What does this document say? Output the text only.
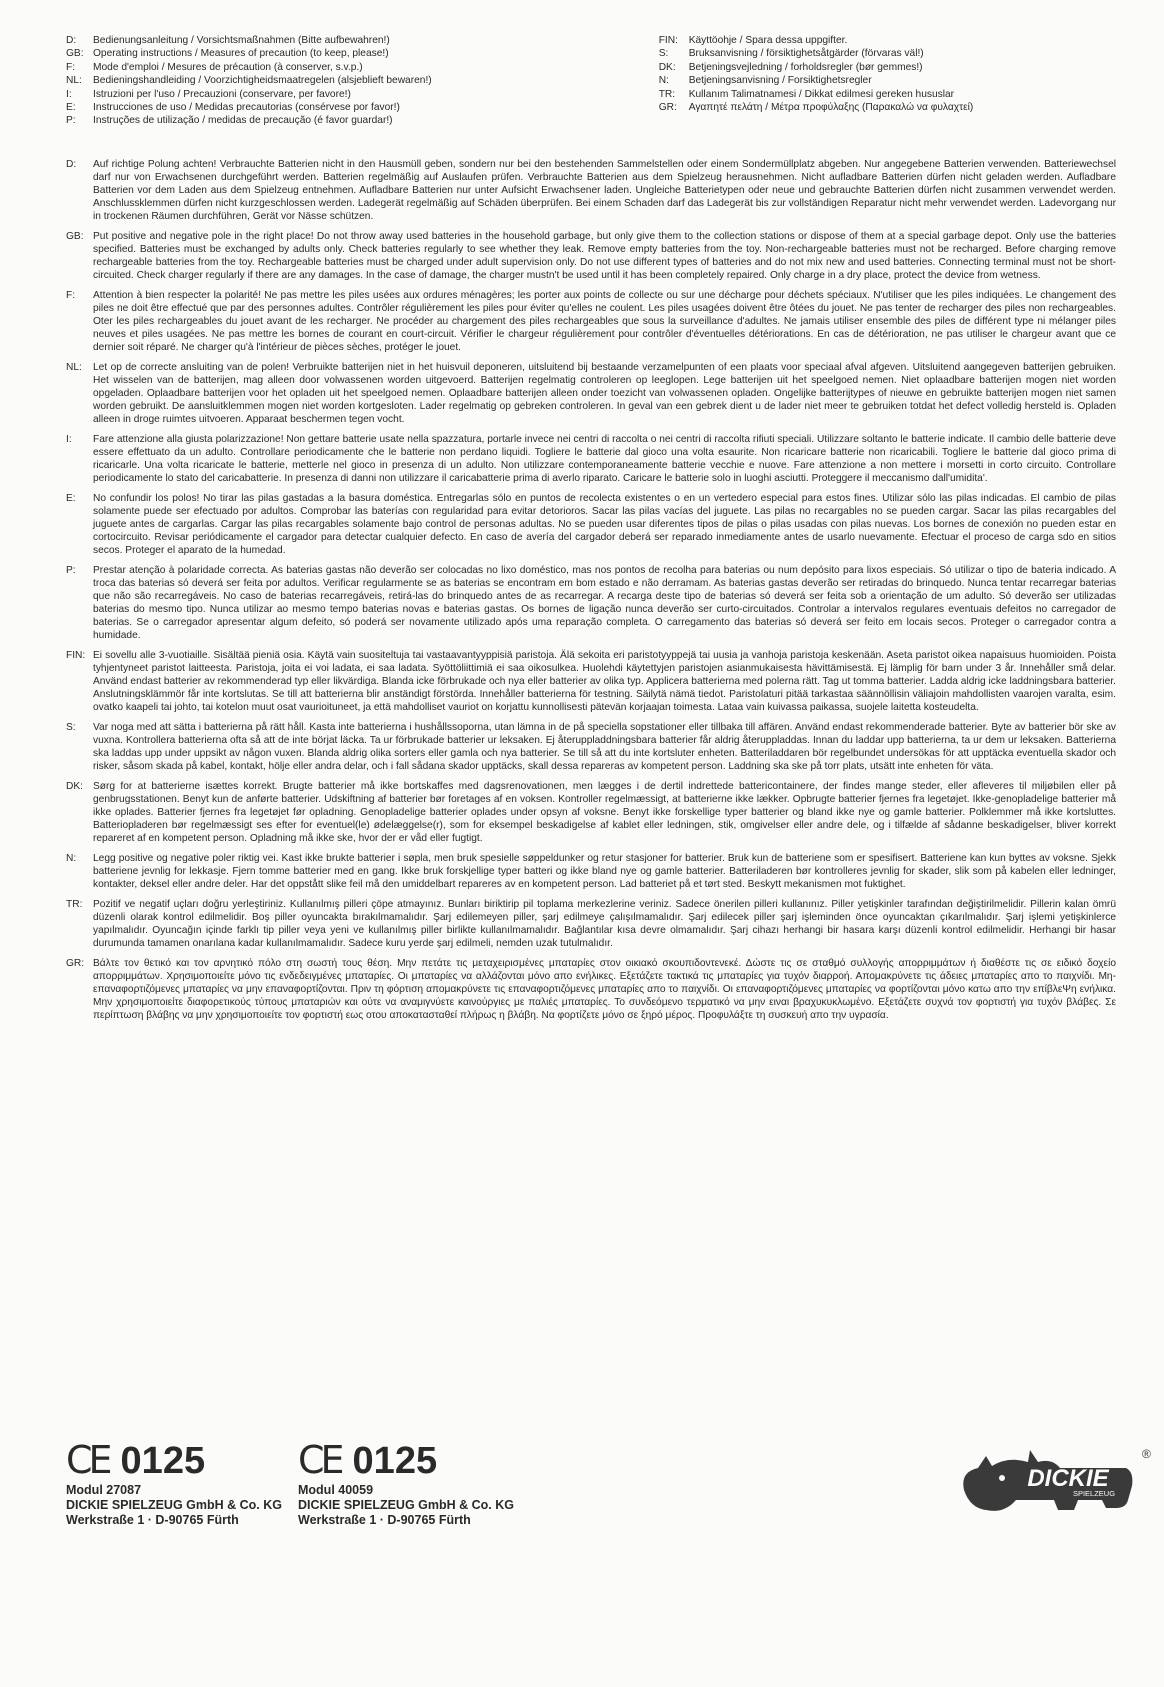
D:	Bedienungsanleitung / Vorsichtsmaßnahmen (Bitte aufbewahren!)
GB: Operating instructions / Measures of precaution (to keep, please!)
F:	Mode d'emploi / Mesures de précaution (à conserver, s.v.p.)
NL:	Bedieningshandleiding / Voorzichtigheidsmaatregelen (alsjeblieft bewaren!)
I:	Istruzioni per l'uso / Precauzioni (conservare, per favore!)
E:	Instrucciones de uso / Medidas precautorias (consérvese por favor!)
P:	Instruções de utilização / medidas de precaução (é favor guardar!)
FIN:	Käyttöohje / Spara dessa uppgifter.
S:	Bruksanvisning / försiktighetsåtgärder (förvaras väl!)
DK:	Betjeningsvejledning / forholdsregler (bør gemmes!)
N:	Betjeningsanvisning / Forsiktighetsregler
TR:	Kullanım Talimatnamesi / Dikkat edilmesi gereken hususlar
GR:	Αγαπητέ πελάτη / Μέτρα προφύλαξης (Παρακαλώ να φυλαχτεί)
D:	Auf richtige Polung achten! Verbrauchte Batterien nicht in den Hausmüll geben, sondern nur bei den bestehenden Sammelstellen oder einem Sondermüllplatz abgeben. Nur angegebene Batterien verwenden. Batteriewechsel darf nur von Erwachsenen durchgeführt werden. Batterien regelmäßig auf Auslaufen prüfen. Verbrauchte Batterien aus dem Spielzeug herausnehmen. Nicht aufladbare Batterien dürfen nicht geladen werden. Aufladbare Batterien vor dem Laden aus dem Spielzeug entnehmen. Aufladbare Batterien nur unter Aufsicht Erwachsener laden. Ungleiche Batterietypen oder neue und gebrauchte Batterien dürfen nicht zusammen verwendet werden. Anschlussklemmen dürfen nicht kurzgeschlossen werden. Ladegerät regelmäßig auf Schäden überprüfen. Bei einem Schaden darf das Ladegerät bis zur vollständigen Reparatur nicht mehr verwendet werden. Ladevorgang nur in trockenen Räumen durchführen, Gerät vor Nässe schützen.
GB: Put positive and negative pole in the right place! Do not throw away used batteries in the household garbage, but only give them to the collection stations or dispose of them at a special garbage depot. Only use the batteries specified. Batteries must be exchanged by adults only. Check batteries regularly to see whether they leak. Remove empty batteries from the toy. Non-rechargeable batteries must not be recharged. Before charging remove rechargeable batteries from the toy. Rechargeable batteries must be charged under adult supervision only. Do not use different types of batteries and do not mix new and used batteries. Connecting terminal must not be short-circuited. Check charger regularly if there are any damages. In the case of damage, the charger mustn't be used until it has been completely repaired. Only charge in a dry place, protect the device from wetness.
F:	Attention à bien respecter la polarité! Ne pas mettre les piles usées aux ordures ménagères; les porter aux points de collecte ou sur une décharge pour déchets spéciaux. N'utiliser que les piles indiquées. Le changement des piles ne doit être effectué que par des personnes adultes. Contrôler régulièrement les piles pour éviter qu'elles ne coulent. Les piles usagées doivent être ôtées du jouet. Ne pas tenter de recharger des piles non rechargeables. Oter les piles rechargeables du jouet avant de les recharger. Ne procéder au chargement des piles rechargeables que sous la surveillance d'adultes. Ne jamais utiliser ensemble des piles de différent type ni mélanger piles neuves et piles usagées. Ne pas mettre les bornes de courant en court-circuit. Vérifier le chargeur régulièrement pour contrôler d'éventuelles détériorations. En cas de détérioration, ne pas utiliser le chargeur avant que ce dernier soit réparé. Ne charger qu'à l'intérieur de pièces sèches, protéger le jouet.
NL:	Let op de correcte ansluiting van de polen! Verbruikte batterijen niet in het huisvuil deponeren, uitsluitend bij bestaande verzamelpunten of een plaats voor speciaal afval afgeven. Uitsluitend aangegeven batterijen gebruiken. Het wisselen van de batterijen, mag alleen door volwassenen worden uitgevoerd. Batterijen regelmatig controleren op leeglopen. Lege batterijen uit het speelgoed nemen. Niet oplaadbare batterijen mogen niet worden opgeladen. Oplaadbare batterijen voor het opladen uit het speelgoed nemen. Oplaadbare batterijen alleen onder toezicht van volwassenen opladen. Ongelijke batterijtypes of nieuwe en gebruikte batterijen mogen niet samen worden gebruikt. De aansluitklemmen mogen niet worden kortgesloten. Lader regelmatig op gebreken controleren. In geval van een gebrek dient u de lader niet meer te gebruiken totdat het defect volledig hersteld is. Opladen alleen in droge ruimtes uitvoeren. Apparaat beschermen tegen vocht.
I:	Fare attenzione alla giusta polarizzazione! Non gettare batterie usate nella spazzatura, portarle invece nei centri di raccolta o nei centri di raccolta rifiuti speciali. Utilizzare soltanto le batterie indicate. Il cambio delle batterie deve essere effettuato da un adulto. Controllare periodicamente che le batterie non perdano liquidi. Togliere le batterie dal gioco una volta esaurite. Non ricaricare batterie non ricaricabili. Togliere le batterie dal gioco prima di ricaricarle. Una volta ricaricate le batterie, metterle nel gioco in presenza di un adulto. Non utilizzare contemporaneamente batterie vecchie e nuove. Fare attenzione a non mettere i morsetti in corto circuito. Controllare periodicamente lo stato del caricabatterie. In presenza di danni non utilizzare il caricabatterie prima di averlo riparato. Caricare le batterie solo in luoghi asciutti. Proteggere il meccanismo dall'umidita'.
E:	No confundir los polos! No tirar las pilas gastadas a la basura doméstica. Entregarlas sólo en puntos de recolecta existentes o en un vertedero especial para estos fines. Utilizar sólo las pilas indicadas. El cambio de pilas solamente puede ser efectuado por adultos. Comprobar las baterías con regularidad para evitar detorioros. Sacar las pilas vacías del juguete. Las pilas no recargables no se pueden cargar. Sacar las pilas recargables del juguete antes de cargarlas. Cargar las pilas recargables solamente bajo control de personas adultas. No se pueden usar diferentes tipos de pilas o pilas usadas con pilas nuevas. Los bornes de conexión no pueden estar en cortocircuito. Revisar periódicamente el cargador para detectar cualquier defecto. En caso de avería del cargador deberá ser reparado inmediamente antes de usarlo nuevamente. Efectuar el proceso de carga sdo en sitios secos. Proteger el aparato de la humedad.
P:	Prestar atenção à polaridade correcta. As baterias gastas não deverão ser colocadas no lixo doméstico, mas nos pontos de recolha para baterias ou num depósito para lixos especiais. Só utilizar o tipo de bateria indicado. A troca das baterias só deverá ser feita por adultos. Verificar regularmente se as baterias se encontram em bom estado e não derramam. As baterias gastas deverão ser retiradas do brinquedo. Nunca tentar recarregar baterias que não são recarregáveis. No caso de baterias recarregáveis, retirá-las do brinquedo antes de as recarregar. A recarga deste tipo de baterias só deverá ser feita sob a orientação de um adulto. Só deverão ser utilizadas baterias do mesmo tipo. Nunca utilizar ao mesmo tempo baterias novas e baterias gastas. Os bornes de ligação nunca deverão ser curto-circuitados. Controlar a intervalos regulares eventuais defeitos no carregador de baterias. Se o carregador apresentar algum defeito, só poderá ser novamente utilizado após uma reparação completa. O carregamento das baterias só deverá ser feito em locais secos. Proteger o carregador contra a humidade.
FIN: Ei sovellu alle 3-vuotiaille. Sisältää pieniä osia. Käytä vain suositeltuja tai vastaavantyyppisiä paristoja. Älä sekoita eri paristotyyppejä tai uusia ja vanhoja paristoja keskenään. Aseta paristot oikea napaisuus huomioiden. Poista tyhjentyneet paristot laitteesta. Paristoja, joita ei voi ladata, ei saa ladata. Syöttöliittimiä ei saa oikosulkea. Huolehdi käytettyjen paristojen asianmukaisesta hävittämisestä. Ej lämplig för barn under 3 år. Innehåller små delar. Använd endast batterier av rekommenderad typ eller likvärdiga. Blanda icke förbrukade och nya eller batterier av olika typ. Applicera batterierna med polerna rätt. Tag ut tomma batterier. Ladda aldrig icke laddningsbara batterier. Anslutningsklämmör får inte kortslutas. Se till att batterierna blir anständigt förstörda. Innehåller batterierna för testning. Säilytä nämä tiedot. Paristolaturi pitää tarkastaa säännöllisin väliajoin mahdollisten vaarojen varalta, esim. ovatko kaapeli tai johto, tai kotelon muut osat vaurioituneet, ja että mahdolliset vauriot on korjattu kunnollisesti pätevän korjaajan toimesta. Lataa vain kuivassa paikassa, suojele laitetta kosteudelta.
S:	Var noga med att sätta i batterierna på rätt håll. Kasta inte batterierna i hushållssoporna, utan lämna in de på speciella sopstationer eller tillbaka till affären. Använd endast rekommenderade batterier. Byte av batterier bör ske av vuxna. Kontrollera batterierna ofta så att de inte börjat läcka. Ta ur förbrukade batterier ur leksaken. Ej återuppladdningsbara batterier får aldrig återuppladdas. Innan du laddar upp batterierna, ta ur dem ur leksaken. Batterierna ska laddas upp under uppsikt av någon vuxen. Blanda aldrig olika sorters eller gamla och nya batterier. Se till så att du inte kortsluter enheten. Batteriladdaren bör regelbundet undersökas för att upptäcka eventuella skador och risker, såsom skada på kabel, kontakt, hölje eller andra delar, och i fall sådana skador upptäcks, skall dessa repareras av kompetent person. Laddning ska ske på torr plats, utsätt inte enheten för väta.
DK: Sørg for at batterierne isættes korrekt. Brugte batterier må ikke bortskaffes med dagsrenovationen, men lægges i de dertil indrettede battericontainere, der findes mange steder, eller afleveres til miljøbilen eller på genbrugsstationen. Benyt kun de anførte batterier. Udskiftning af batterier bør foretages af en voksen. Kontroller regelmæssigt, at batterierne ikke lækker. Opbrugte batterier fjernes fra legetøjet. Ikke-genopladelige batterier må ikke oplades. Batterier fjernes fra legetøjet før opladning. Genopladelige batterier oplades under opsyn af voksne. Benyt ikke forskellige typer batterier og bland ikke nye og gamle batterier. Polklemmer må ikke kortsluttes. Batteriopladeren bør regelmæssigt ses efter for eventuel(le) ødelæggelse(r), som for eksempel beskadigelse af kablet eller ledningen, stik, omgivelser eller andre dele, og i tilfælde af sådanne beskadigelser, bliver korrekt repareret af en kompetent person. Opladning må ikke ske, hvor der er våd eller fugtigt.
N:	Legg positive og negative poler riktig vei. Kast ikke brukte batterier i søpla, men bruk spesielle søppeldunker og retur stasjoner for batterier. Bruk kun de batteriene som er spesifisert. Batteriene kan kun byttes av voksne. Sjekk batteriene jevnlig for lekkasje. Fjern tomme batterier med en gang. Ikke bruk forskjellige typer batteri og ikke bland nye og gamle batterier. Batteriladeren bør kontrolleres jevnlig for skader, slik som på kabelen eller ledninger, kontakter, deksel eller andre deler. Har det oppstått slike feil må den umiddelbart repareres av en kompetent person. Lad batteriet på et tørt sted. Beskytt mekanismen mot fuktighet.
TR:	Pozitif ve negatif uçları doğru yerleştiriniz. Kullanılmış pilleri çöpe atmayınız. Bunları biriktirip pil toplama merkezlerine veriniz. Sadece önerilen pilleri kullanınız. Piller yetişkinler tarafından değiştirilmelidir. Pillerin kalan ömrü düzenli olarak kontrol edilmelidir. Boş piller oyuncakta bırakılmamalıdır. Şarj edilemeyen piller, şarj edilmeye çalışılmamalıdır. Şarj edilecek piller şarj işleminden önce oyuncaktan çıkarılmalıdır. Şarj işlemi yetişkinlerce yapılmalıdır. Oyuncağın içinde farklı tip piller veya yeni ve kullanılmış piller birlikte kullanılmamalıdır. Bağlantılar kısa devre olmamalıdır. Şarj cihazı herhangi bir hasara karşı düzenli kontrol edilmelidir. Herhangi bir hasar durumunda tamamen onarılana kadar kullanılmamalıdır. Sadece kuru yerde şarj edilmeli, nemden uzak tutulmalıdır.
GR: Βάλτε τον θετικό και τον αρνητικό πόλο στη σωστή τους θέση. Μην πετάτε τις μεταχειρισμένες μπαταρίες στον οικιακό σκουπιδοντενεκέ. Δώστε τις σε σταθμό συλλογής απορριμμάτων ή διαθέστε τις σε ειδικό δοχείο απορριμμάτων. Χρησιμοποιείτε μόνο τις ενδεδειγμένες μπαταρίες. Οι μπαταρίες να αλλάζονται μόνο απο ενήλικες. Εξετάζετε τακτικά τις μπαταρίες για τυχόν διαρροή. Απομακρύνετε τις άδειες μπαταρίες απο το παιχνίδι. Μη-επαναφορτιζόμενες μπαταρίες να μην επαναφορτίζονται. Πριν τη φόρτιση απομακρύνετε τις επαναφορτιζόμενες μπαταρίες απο το παιχνίδι. Οι επαναφορτιζόμενες μπαταρίες να φορτίζονται μόνο κατω απο την επίβλεΨη ενήλικα. Μην χρησιμοποιείτε διαφορετικούς τύπους μπαταριών και ούτε να αναμιγνύετε καινούργιες με παλιές μπαταρίες. Το συνδεόμενο τερματικό να μην ειναι βραχυκυκλωμένο. Εξετάζετε συχνά τον φορτιστή για τυχόν βλάβες. Σε περίπτωση βλάβης να μην χρησιμοποιείτε τον φορτιστή εως οτου αποκατασταθεί πλήρως η βλάβη. Να φορτίζετε μόνο σε ξηρό μέρος. Προφυλάξτε τη συσκευή απο την υγρασία.
CE 0125
Modul 27087
DICKIE SPIELZEUG GmbH & Co. KG
Werkstraße 1 · D-90765 Fürth
CE 0125
Modul 40059
DICKIE SPIELZEUG GmbH & Co. KG
Werkstraße 1 · D-90765 Fürth
DICKIE
SPIELZEUG
®
